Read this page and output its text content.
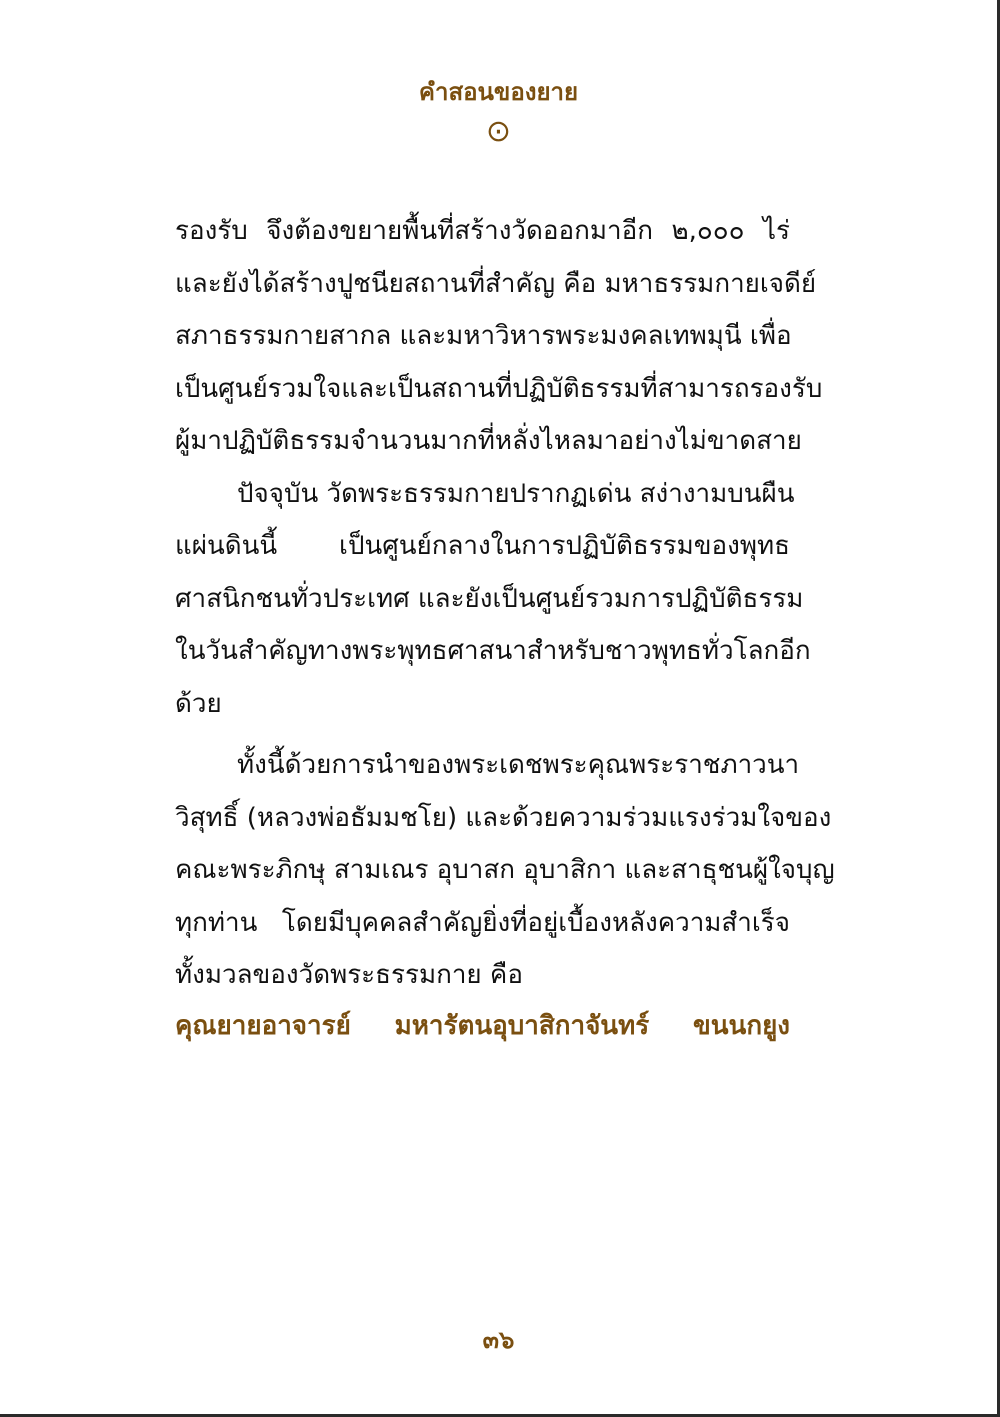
คำสอนของยาย
⊙
รองรับ จึงต้องขยายพื้นที่สร้างวัดออกมาอีก ๒,๐๐๐ ไร่
และยังได้สร้างปูชนียสถานที่สำคัญ คือ มหาธรรมกายเจดีย์
สภาธรรมกายสากล และมหาวิหารพระมงคลเทพมุนี เพื่อ
เป็นศูนย์รวมใจและเป็นสถานที่ปฏิบัติธรรมที่สามารถรองรับ
ผู้มาปฏิบัติธรรมจำนวนมากที่หลั่งไหลมาอย่างไม่ขาดสาย
ปัจจุบัน วัดพระธรรมกายปรากฏเด่น สง่างามบนผืน
แผ่นดินนี้ เป็นศูนย์กลางในการปฏิบัติธรรมของพุทธ
ศาสนิกชนทั่วประเทศ และยังเป็นศูนย์รวมการปฏิบัติธรรม
ในวันสำคัญทางพระพุทธศาสนาสำหรับชาวพุทธทั่วโลกอีก
ด้วย
ทั้งนี้ด้วยการนำของพระเดชพระคุณพระราชภาวนา
วิสุทธิ์ (หลวงพ่อธัมมชโย) และด้วยความร่วมแรงร่วมใจของ
คณะพระภิกษุ สามเณร อุบาสก อุบาสิกา และสาธุชนผู้ใจบุญ
ทุกท่าน โดยมีบุคคลสำคัญยิ่งที่อยู่เบื้องหลังความสำเร็จ
ทั้งมวลของวัดพระธรรมกาย คือ
คุณยายอาจารย์ มหารัตนอุบาสิกาจันทร์ ขนนกยูง
๓๖
